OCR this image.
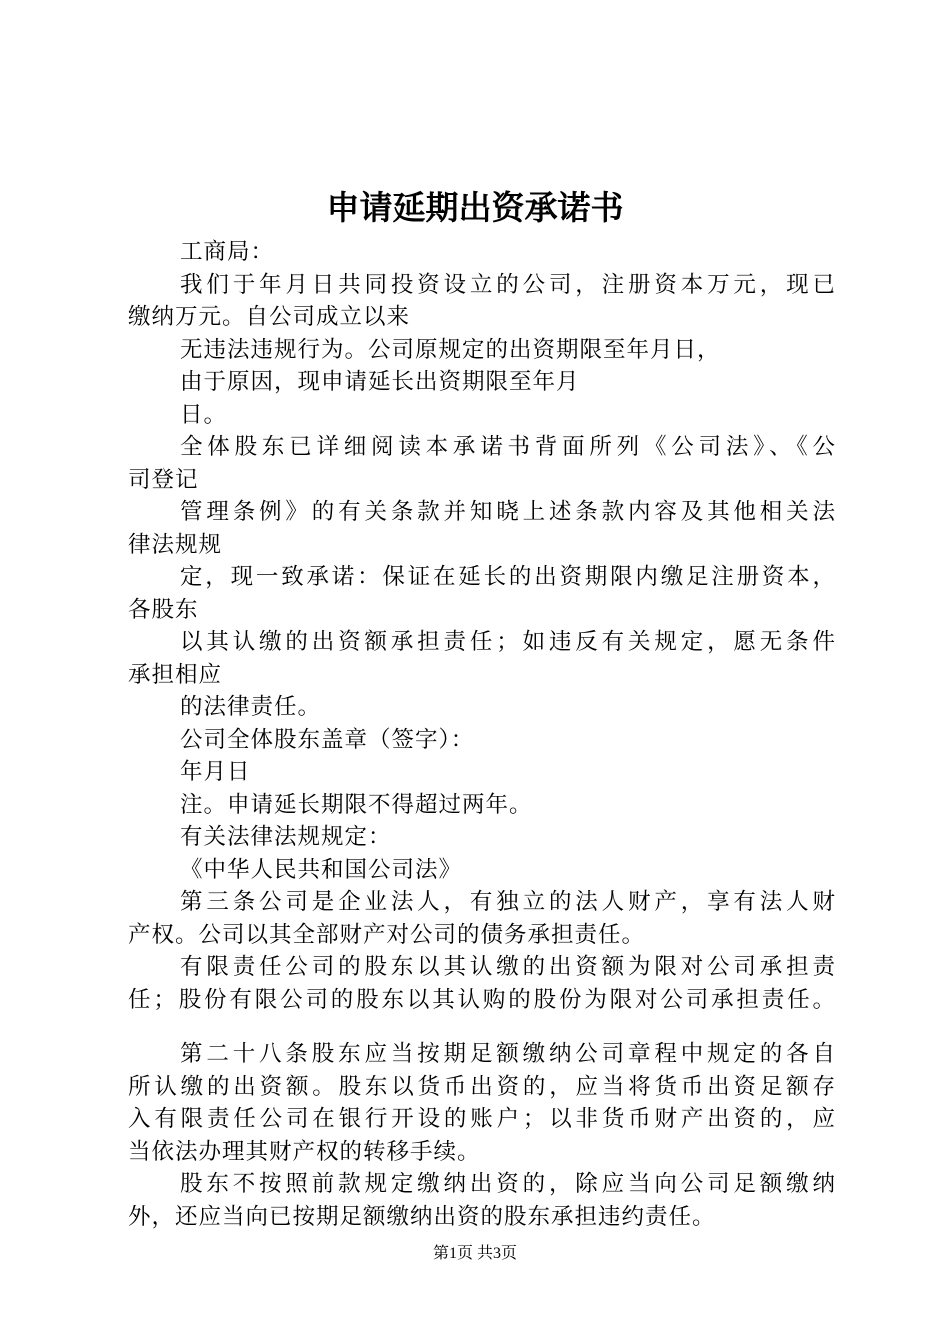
申请延期出资承诺书
工商局：
我们于年月日共同投资设立的公司，注册资本万元，现已
缴纳万元。自公司成立以来
无违法违规行为。公司原规定的出资期限至年月日，
由于原因，现申请延长出资期限至年月
日。
全体股东已详细阅读本承诺书背面所列《公司法》、《公
司登记
管理条例》的有关条款并知晓上述条款内容及其他相关法
律法规规
定，现一致承诺：保证在延长的出资期限内缴足注册资本，
各股东
以其认缴的出资额承担责任；如违反有关规定，愿无条件
承担相应
的法律责任。
公司全体股东盖章（签字）：
年月日
注。申请延长期限不得超过两年。
有关法律法规规定：
《中华人民共和国公司法》
第三条公司是企业法人，有独立的法人财产，享有法人财
产权。公司以其全部财产对公司的债务承担责任。
有限责任公司的股东以其认缴的出资额为限对公司承担责
任；股份有限公司的股东以其认购的股份为限对公司承担责任。
第二十八条股东应当按期足额缴纳公司章程中规定的各自
所认缴的出资额。股东以货币出资的，应当将货币出资足额存
入有限责任公司在银行开设的账户；以非货币财产出资的，应
当依法办理其财产权的转移手续。
股东不按照前款规定缴纳出资的，除应当向公司足额缴纳
外，还应当向已按期足额缴纳出资的股东承担违约责任。
第1页 共3页
